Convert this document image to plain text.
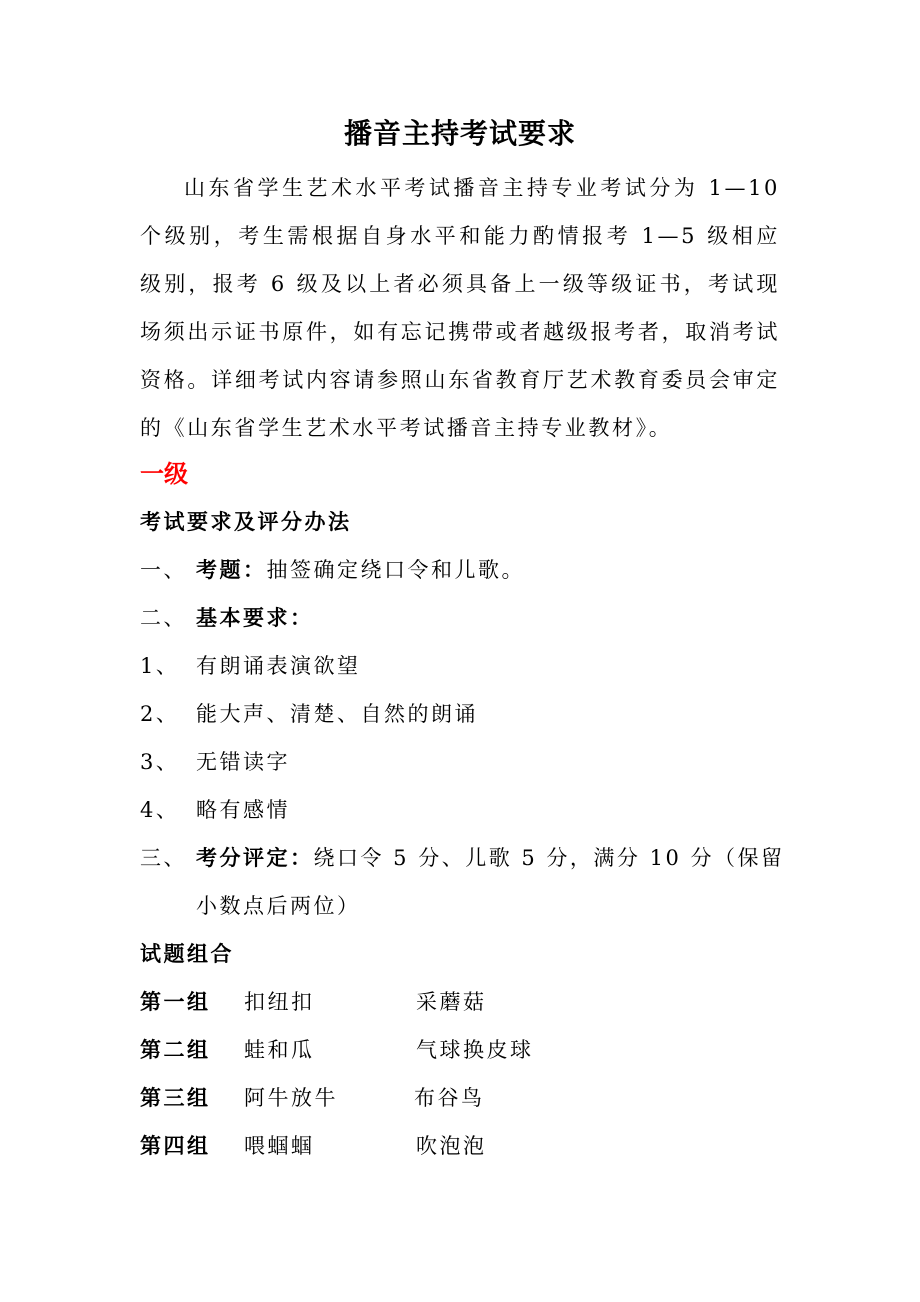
播音主持考试要求
山东省学生艺术水平考试播音主持专业考试分为 1—10 个级别，考生需根据自身水平和能力酌情报考 1—5 级相应级别，报考 6 级及以上者必须具备上一级等级证书，考试现场须出示证书原件，如有忘记携带或者越级报考者，取消考试资格。详细考试内容请参照山东省教育厅艺术教育委员会审定的《山东省学生艺术水平考试播音主持专业教材》。
一级
考试要求及评分办法
一、 考题：抽签确定绕口令和儿歌。
二、 基本要求：
1、 有朗诵表演欲望
2、 能大声、清楚、自然的朗诵
3、 无错读字
4、 略有感情
三、 考分评定：绕口令 5 分、儿歌 5 分，满分 10 分（保留
小数点后两位）
试题组合
第一组 扣纽扣	采蘑菇
第二组 蛙和瓜	气球换皮球
第三组 阿牛放牛	布谷鸟
第四组 喂蝈蝈	吹泡泡
